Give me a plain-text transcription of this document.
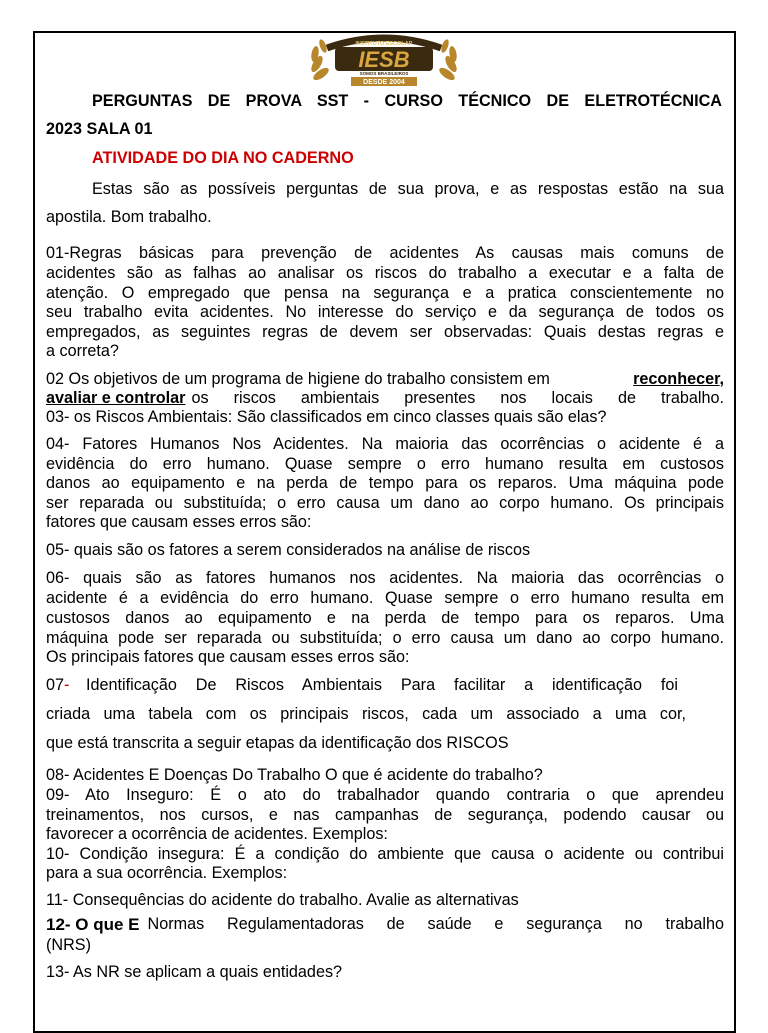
INSTITUTO ESCOLAR
IESB
SOMOS BRASILEIROS
DESDE 2004
PERGUNTAS DE PROVA SST - CURSO TÉCNICO DE ELETROTÉCNICA
2023 SALA 01
ATIVIDADE DO DIA NO CADERNO
Estas são as possíveis perguntas de sua prova, e as respostas estão na sua
apostila. Bom trabalho.
01-Regras básicas para prevenção de acidentes As causas mais comuns de
acidentes são as falhas ao analisar os riscos do trabalho a executar e a falta de
atenção. O empregado que pensa na segurança e a pratica conscientemente no
seu trabalho evita acidentes. No interesse do serviço e da segurança de todos os
empregados, as seguintes regras de devem ser observadas: Quais destas regras e
a correta?
02 Os objetivos de um programa de higiene do trabalho consistem em	reconhecer,
avaliar e controlar os riscos ambientais presentes nos locais de trabalho.
03- os Riscos Ambientais: São classificados em cinco classes quais são elas?
04- Fatores Humanos Nos Acidentes. Na maioria das ocorrências o acidente é a
evidência do erro humano. Quase sempre o erro humano resulta em custosos
danos ao equipamento e na perda de tempo para os reparos. Uma máquina pode
ser reparada ou substituída; o erro causa um dano ao corpo humano. Os principais
fatores que causam esses erros são:
05- quais são os fatores a serem considerados na análise de riscos
06- quais são as fatores humanos nos acidentes. Na maioria das ocorrências o
acidente é a evidência do erro humano. Quase sempre o erro humano resulta em
custosos danos ao equipamento e na perda de tempo para os reparos. Uma
máquina pode ser reparada ou substituída; o erro causa um dano ao corpo humano.
Os principais fatores que causam esses erros são:
07- Identificação De Riscos Ambientais Para facilitar a identificação foi
criada uma tabela com os principais riscos, cada um associado a uma cor,
que está transcrita a seguir etapas da identificação dos RISCOS
08- Acidentes E Doenças Do Trabalho O que é acidente do trabalho?
09- Ato Inseguro: É o ato do trabalhador quando contraria o que aprendeu
treinamentos, nos cursos, e nas campanhas de segurança, podendo causar ou
favorecer a ocorrência de acidentes. Exemplos:
10- Condição insegura: É a condição do ambiente que causa o acidente ou contribui
para a sua ocorrência. Exemplos:
11- Consequências do acidente do trabalho. Avalie as alternativas
12- O que E Normas Regulamentadoras de saúde e segurança no trabalho
(NRS)
13- As NR se aplicam a quais entidades?
